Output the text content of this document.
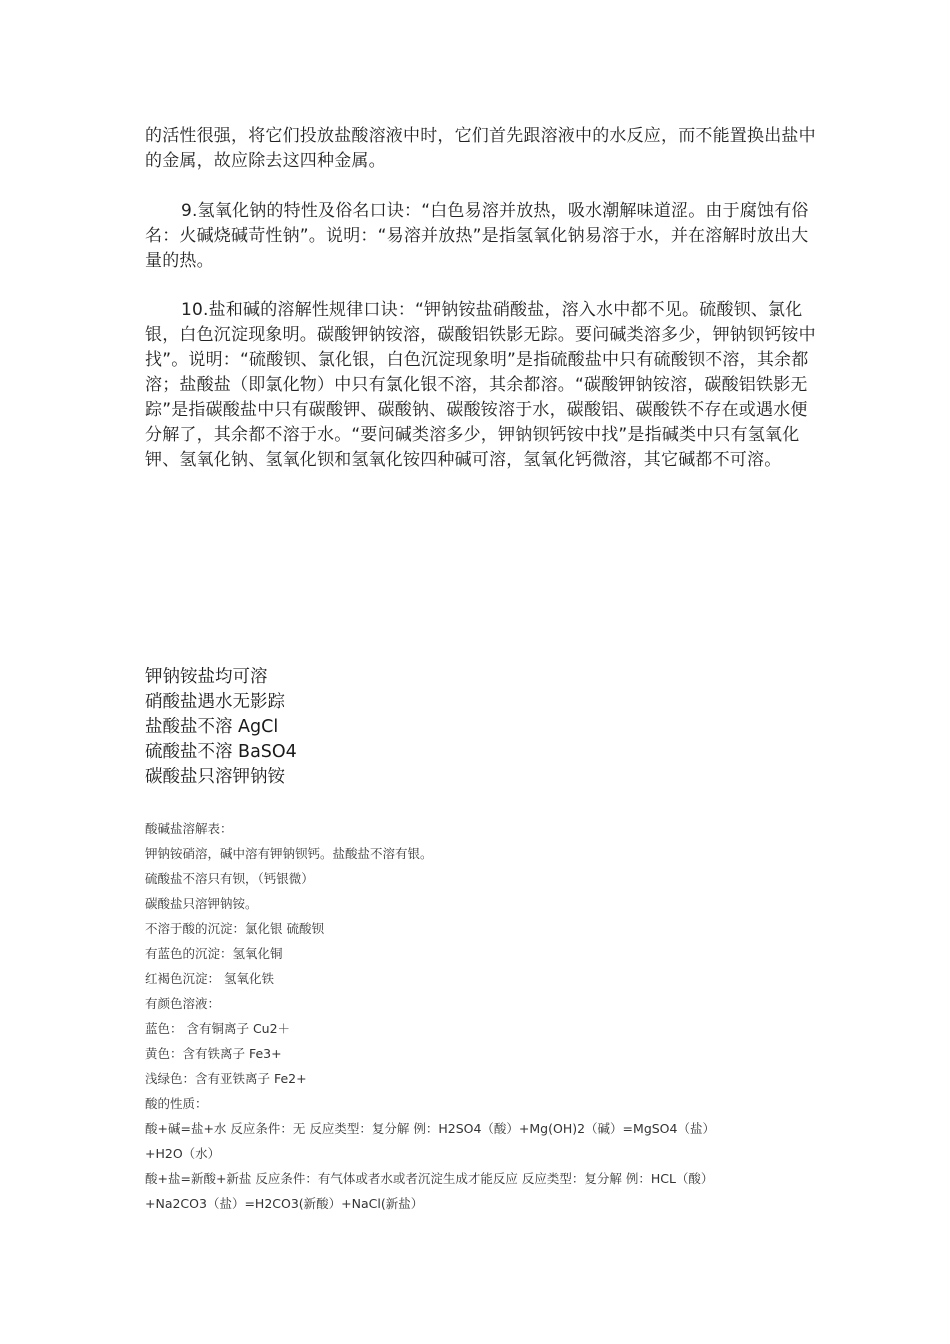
的活性很强，将它们投放盐酸溶液中时，它们首先跟溶液中的水反应，而不能置换出盐中的金属，故应除去这四种金属。

9.氢氧化钠的特性及俗名口诀：“白色易溶并放热，吸水潮解味道涩。由于腐蚀有俗名：火碱烧碱苛性钠”。说明：“易溶并放热”是指氢氧化钠易溶于水，并在溶解时放出大量的热。

10.盐和碱的溶解性规律口诀：“钾钠铵盐硝酸盐，溶入水中都不见。硫酸钡、氯化银，白色沉淀现象明。碳酸钾钠铵溶，碳酸铝铁影无踪。要问碱类溶多少，钾钠钡钙铵中找”。说明：“硫酸钡、氯化银，白色沉淀现象明”是指硫酸盐中只有硫酸钡不溶，其余都溶；盐酸盐（即氯化物）中只有氯化银不溶，其余都溶。“碳酸钾钠铵溶，碳酸铝铁影无踪”是指碳酸盐中只有碳酸钾、碳酸钠、碳酸铵溶于水，碳酸铝、碳酸铁不存在或遇水便分解了，其余都不溶于水。“要问碱类溶多少，钾钠钡钙铵中找”是指碱类中只有氢氧化钾、氢氧化钠、氢氧化钡和氢氧化铵四种碱可溶，氢氧化钙微溶，其它碱都不可溶。

钾钠铵盐均可溶
硝酸盐遇水无影踪
盐酸盐不溶 AgCl
硫酸盐不溶 BaSO4
碳酸盐只溶钾钠铵
酸碱盐溶解表：
钾钠铵硝溶，碱中溶有钾钠钡钙。盐酸盐不溶有银。
硫酸盐不溶只有钡，（钙银微）
碳酸盐只溶钾钠铵。
不溶于酸的沉淀：氯化银 硫酸钡
有蓝色的沉淀：氢氧化铜
红褐色沉淀： 氢氧化铁
有颜色溶液：
蓝色： 含有铜离子 Cu2＋
黄色：含有铁离子 Fe3+
浅绿色：含有亚铁离子 Fe2+
酸的性质：
酸+碱=盐+水 反应条件：无 反应类型：复分解 例：H2SO4（酸）+Mg(OH)2（碱）=MgSO4（盐）
+H2O（水）
酸+盐=新酸+新盐 反应条件：有气体或者水或者沉淀生成才能反应 反应类型：复分解 例：HCL（酸）
+Na2CO3（盐）=H2CO3(新酸）+NaCl(新盐）
